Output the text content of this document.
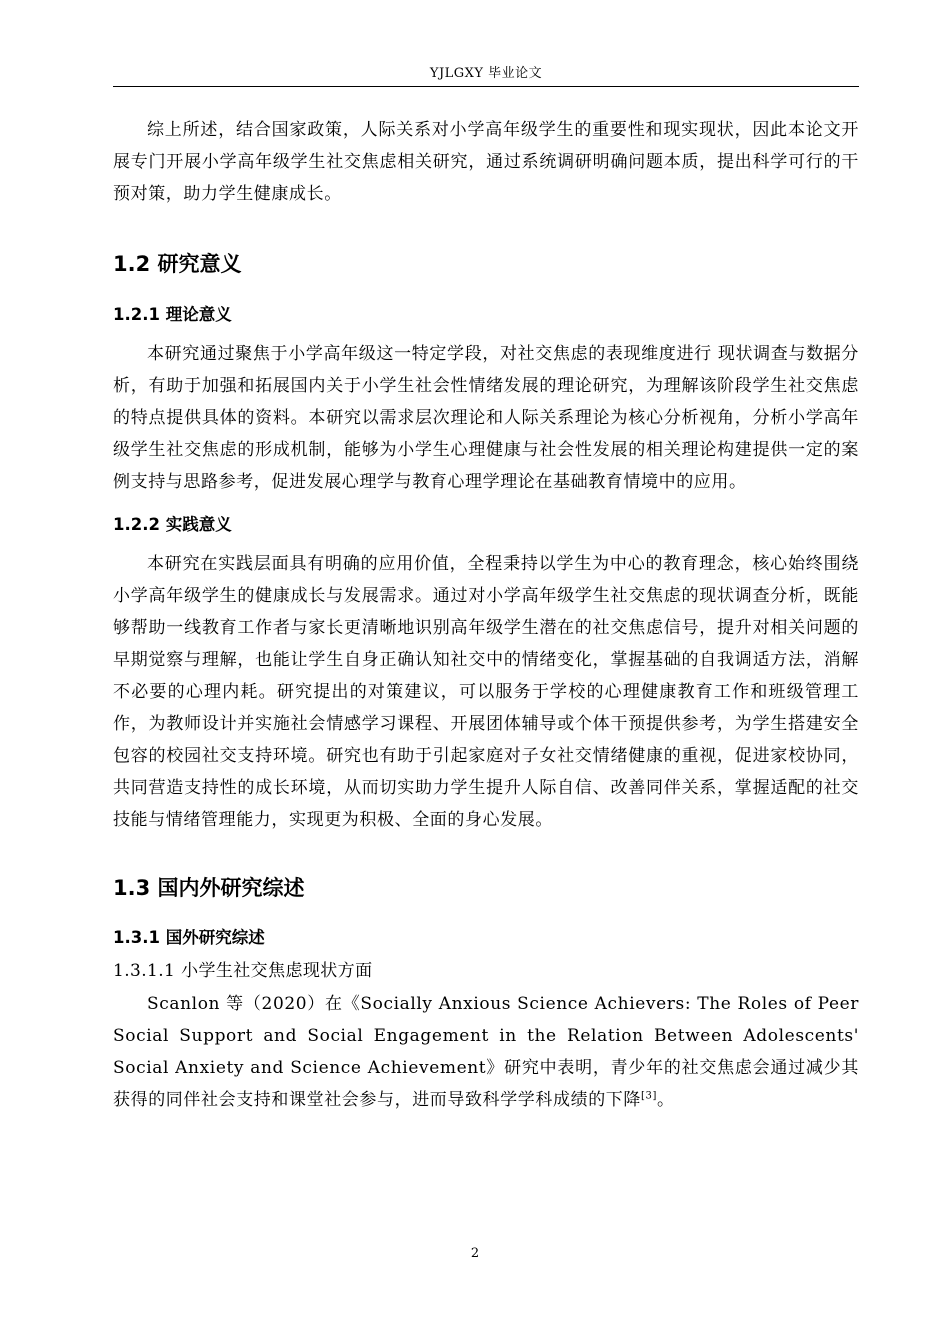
YJLGXY 毕业论文

综上所述，结合国家政策，人际关系对小学高年级学生的重要性和现实现状，因此本论文开展专门开展小学高年级学生社交焦虑相关研究，通过系统调研明确问题本质，提出科学可行的干预对策，助力学生健康成长。

1.2 研究意义
1.2.1 理论意义

本研究通过聚焦于小学高年级这一特定学段，对社交焦虑的表现维度进行 现状调查与数据分析，有助于加强和拓展国内关于小学生社会性情绪发展的理论研究，为理解该阶段学生社交焦虑的特点提供具体的资料。本研究以需求层次理论和人际关系理论为核心分析视角，分析小学高年级学生社交焦虑的形成机制，能够为小学生心理健康与社会性发展的相关理论构建提供一定的案例支持与思路参考，促进发展心理学与教育心理学理论在基础教育情境中的应用。

1.2.2 实践意义

本研究在实践层面具有明确的应用价值，全程秉持以学生为中心的教育理念，核心始终围绕小学高年级学生的健康成长与发展需求。通过对小学高年级学生社交焦虑的现状调查分析，既能够帮助一线教育工作者与家长更清晰地识别高年级学生潜在的社交焦虑信号，提升对相关问题的早期觉察与理解，也能让学生自身正确认知社交中的情绪变化，掌握基础的自我调适方法，消解不必要的心理内耗。研究提出的对策建议，可以服务于学校的心理健康教育工作和班级管理工作，为教师设计并实施社会情感学习课程、开展团体辅导或个体干预提供参考，为学生搭建安全包容的校园社交支持环境。研究也有助于引起家庭对子女社交情绪健康的重视，促进家校协同，共同营造支持性的成长环境，从而切实助力学生提升人际自信、改善同伴关系，掌握适配的社交技能与情绪管理能力，实现更为积极、全面的身心发展。

1.3 国内外研究综述
1.3.1 国外研究综述
1.3.1.1 小学生社交焦虑现状方面

Scanlon 等（2020）在《Socially Anxious Science Achievers: The Roles of Peer Social Support and Social Engagement in the Relation Between Adolescents' Social Anxiety and Science Achievement》研究中表明，青少年的社交焦虑会通过减少其获得的同伴社会支持和课堂社会参与，进而导致科学学科成绩的下降[3]。

2
